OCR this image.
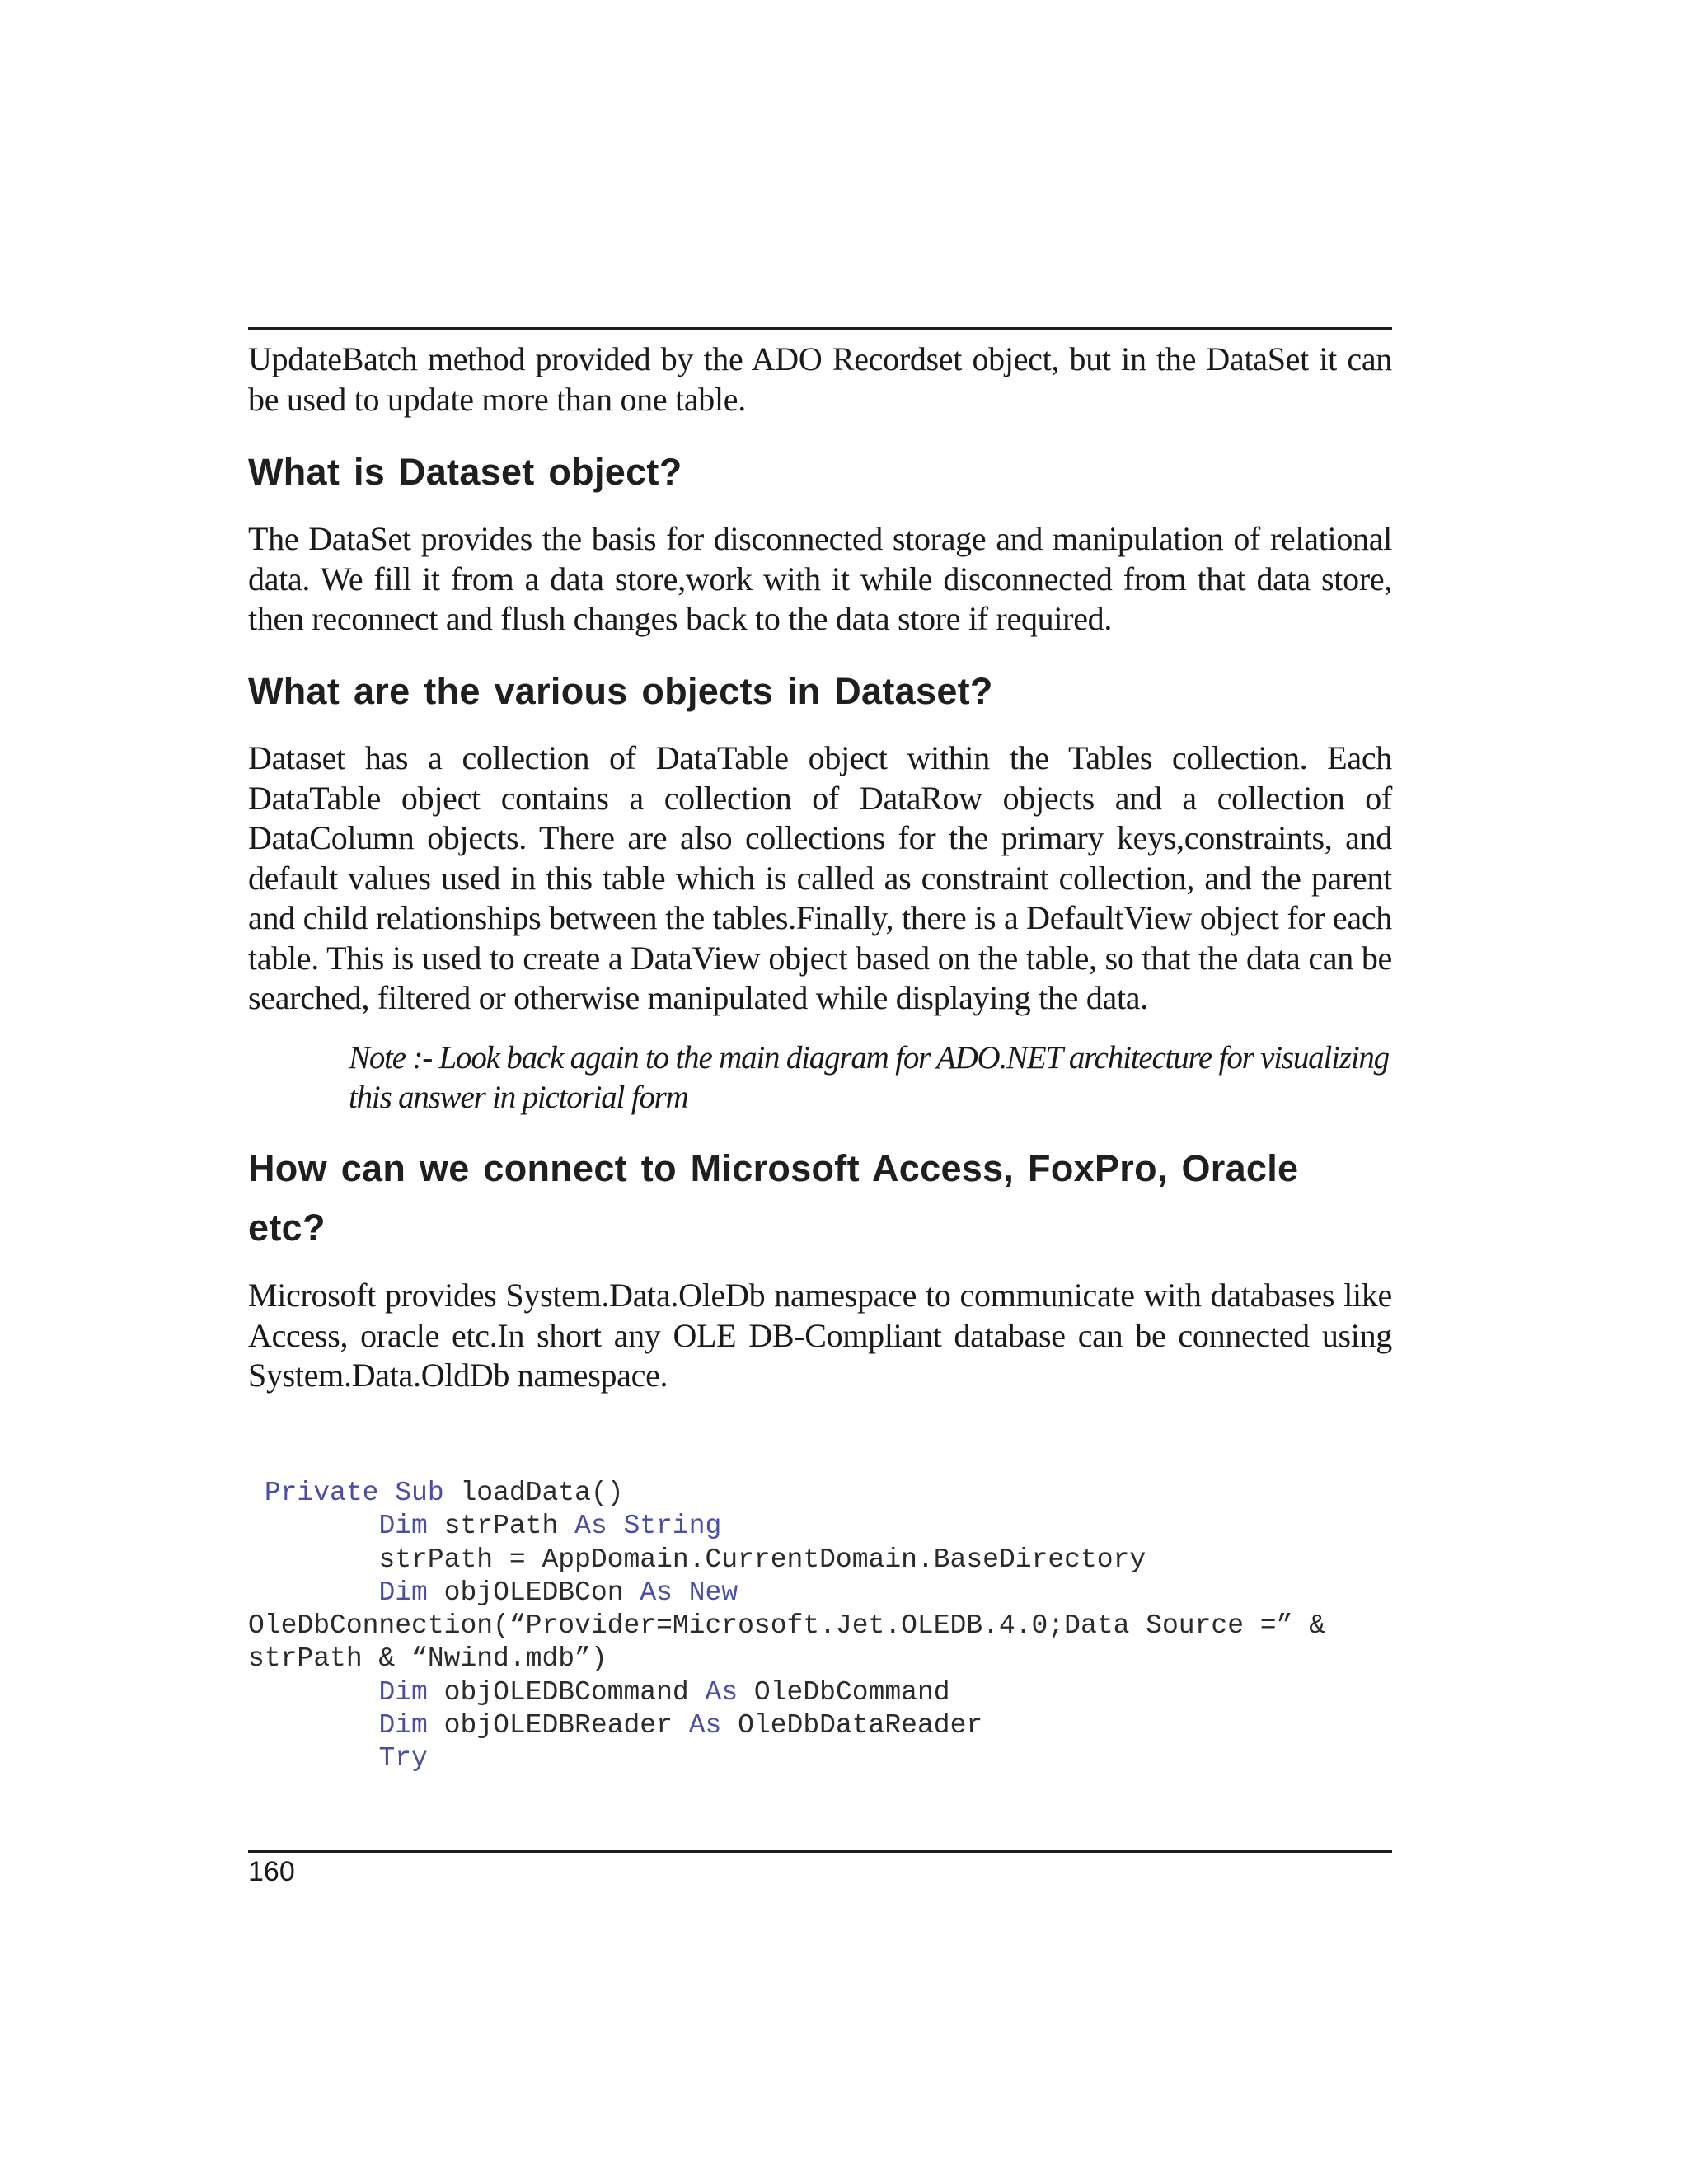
UpdateBatch method provided by the ADO Recordset object, but in the DataSet it can be used to update more than one table.

What is Dataset object?

The DataSet provides the basis for disconnected storage and manipulation of relational data. We fill it from a data store,work with it while disconnected from that data store, then reconnect and flush changes back to the data store if required.

What are the various objects in Dataset?

Dataset has a collection of DataTable object within the Tables collection. Each DataTable object contains a collection of DataRow objects and a collection of DataColumn objects. There are also collections for the primary keys,constraints, and default values used in this table which is called as constraint collection, and the parent and child relationships between the tables.Finally, there is a DefaultView object for each table. This is used to create a DataView object based on the table, so that the data can be searched, filtered or otherwise manipulated while displaying the data.

Note :- Look back again to the main diagram for ADO.NET architecture for visualizing this answer in pictorial form

How can we connect to Microsoft Access, FoxPro, Oracle etc?

Microsoft provides System.Data.OleDb namespace to communicate with databases like Access, oracle etc.In short any OLE DB-Compliant database can be connected using System.Data.OldDb namespace.

Private Sub loadData()
Dim strPath As String
strPath = AppDomain.CurrentDomain.BaseDirectory
Dim objOLEDBCon As New
OleDbConnection(“Provider=Microsoft.Jet.OLEDB.4.0;Data Source =” &
strPath & “Nwind.mdb”)
Dim objOLEDBCommand As OleDbCommand
Dim objOLEDBReader As OleDbDataReader
Try
160
